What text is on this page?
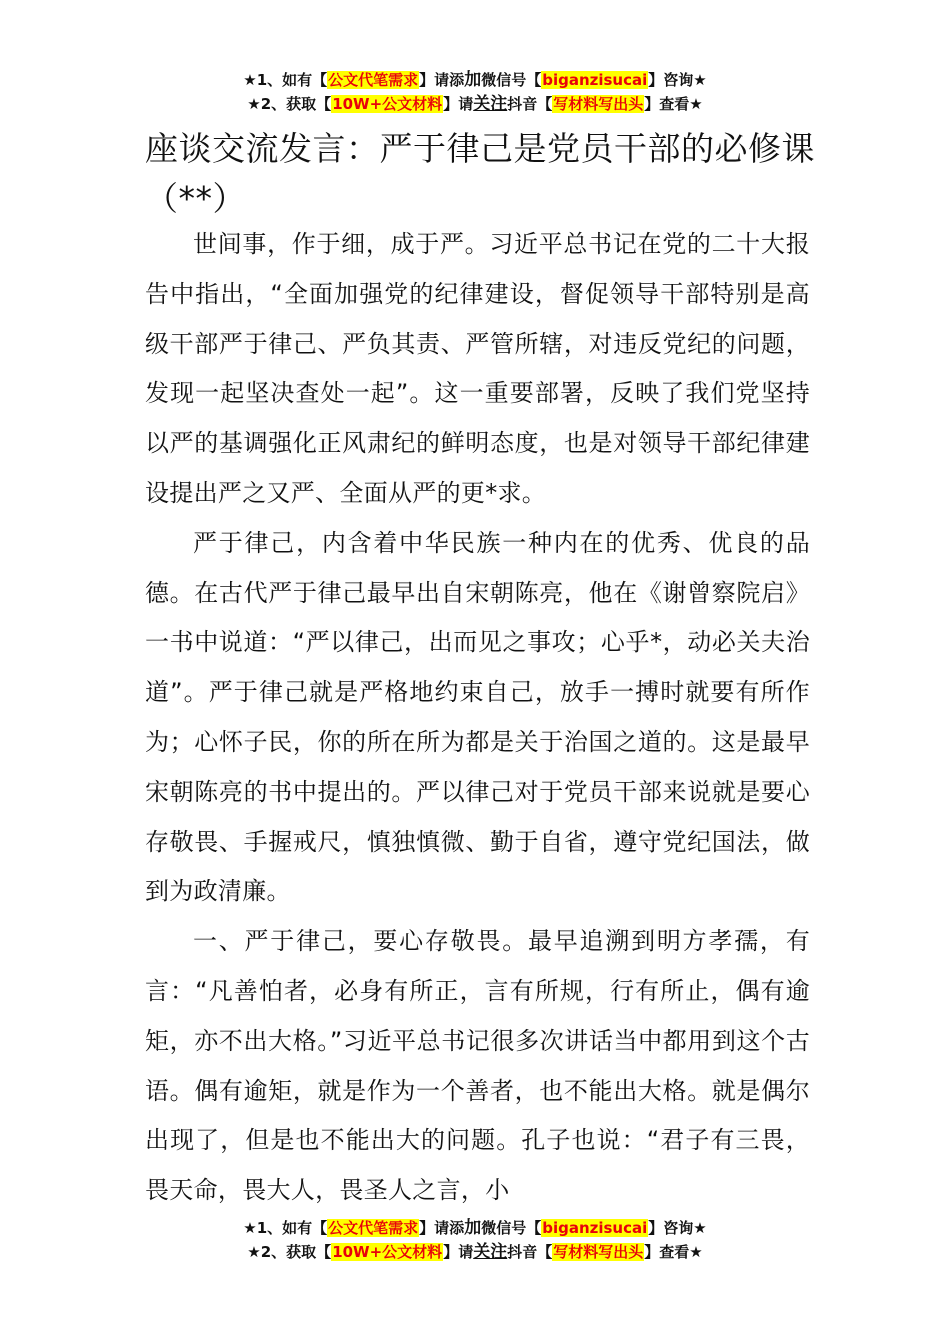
★1、如有【公文代笔需求】请添加微信号【biganzisucai】咨询★
★2、获取【10W+公文材料】请关注抖音【写材料写出头】查看★
座谈交流发言：严于律己是党员干部的必修课（**）

世间事，作于细，成于严。习近平总书记在党的二十大报告中指出，“全面加强党的纪律建设，督促领导干部特别是高级干部严于律己、严负其责、严管所辖，对违反党纪的问题，发现一起坚决查处一起”。这一重要部署，反映了我们党坚持以严的基调强化正风肃纪的鲜明态度，也是对领导干部纪律建设提出严之又严、全面从严的更*求。

严于律己，内含着中华民族一种内在的优秀、优良的品德。在古代严于律己最早出自宋朝陈亮，他在《谢曾察院启》一书中说道：“严以律己，出而见之事攻；心乎*，动必关夫治道”。严于律己就是严格地约束自己，放手一搏时就要有所作为；心怀子民，你的所在所为都是关于治国之道的。这是最早宋朝陈亮的书中提出的。严以律己对于党员干部来说就是要心存敬畏、手握戒尺，慎独慎微、勤于自省，遵守党纪国法，做到为政清廉。

一、严于律己，要心存敬畏。最早追溯到明方孝孺，有言：“凡善怕者，必身有所正，言有所规，行有所止，偶有逾矩，亦不出大格。”习近平总书记很多次讲话当中都用到这个古语。偶有逾矩，就是作为一个善者，也不能出大格。就是偶尔出现了，但是也不能出大的问题。孔子也说：“君子有三畏，畏天命，畏大人，畏圣人之言，小

★1、如有【公文代笔需求】请添加微信号【biganzisucai】咨询★
★2、获取【10W+公文材料】请关注抖音【写材料写出头】查看★
